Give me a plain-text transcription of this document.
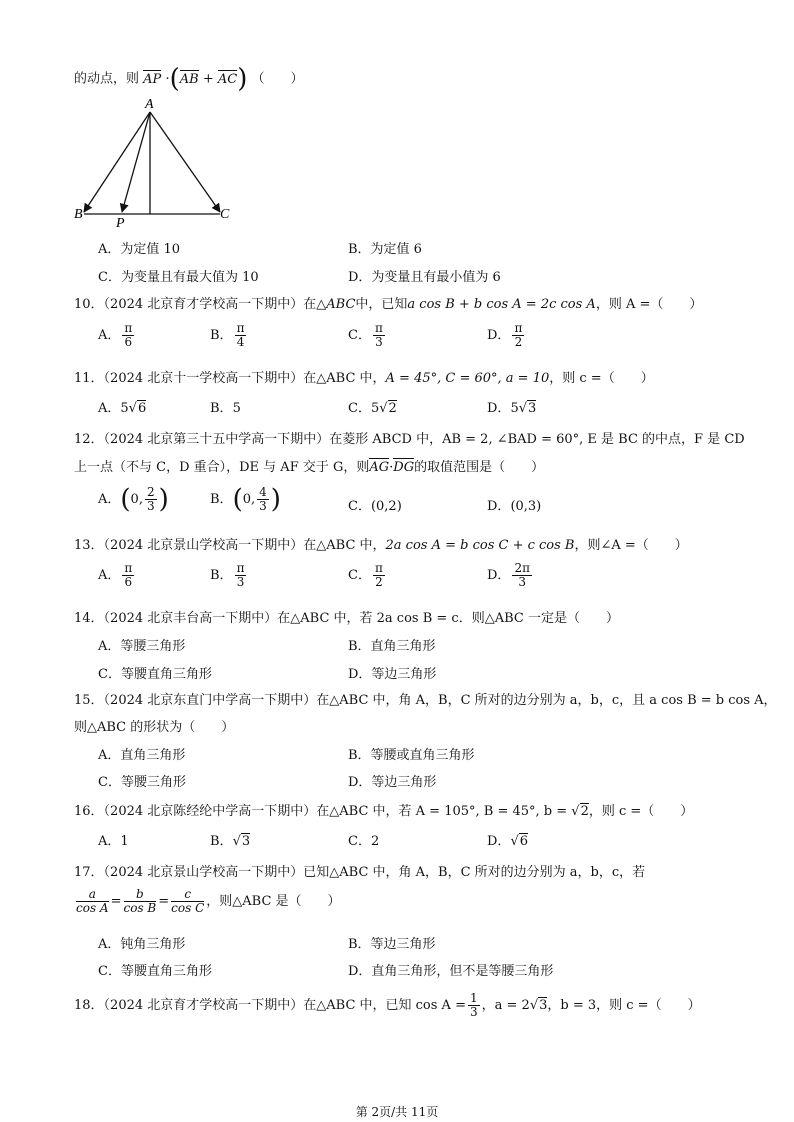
的动点，则 AP ·(AB + AC) （　　）
A
B	C
P
A．为定值 10	B．为定值 6
C．为变量且有最大值为 10	D．为变量且有最小值为 6
10．（2024 北京育才学校高一下期中）在△ABC中，已知a cos B + b cos A = 2c cos A，则 A =（　　）
A． $\frac{\pi}{6}$	B． $\frac{\pi}{4}$	C． $\frac{\pi}{3}$	D． $\frac{\pi}{2}$
11．（2024 北京十一学校高一下期中）在△ABC 中，A = 45°, C = 60°, a = 10，则 c =（　　）
A．5√6	B．5	C．5√2	D．5√3
12．（2024 北京第三十五中学高一下期中）在菱形 ABCD 中，AB = 2, ∠BAD = 60°, E 是 BC 的中点，F 是 CD
上一点（不与 C，D 重合），DE 与 AF 交于 G，则AG·DG的取值范围是（　　）
A．(0, $\frac{2}{3}$ )	B．(0, $\frac{4}{3}$ )	C．(0,2)	D．(0,3)
13．（2024 北京景山学校高一下期中）在△ABC 中，2a cos A = b cos C + c cos B，则∠A =（　　）
A． $\frac{\pi}{6}$	B． $\frac{\pi}{3}$	C． $\frac{\pi}{2}$	D． $\frac{2\pi}{3}$
14．（2024 北京丰台高一下期中）在△ABC 中，若 2a cos B = c．则△ABC 一定是（　　）
A．等腰三角形	B．直角三角形
C．等腰直角三角形	D．等边三角形
15．（2024 北京东直门中学高一下期中）在△ABC 中，角 A，B，C 所对的边分别为 a，b，c，且 a cos B = b cos A，
则△ABC 的形状为（　　）
A．直角三角形	B．等腰或直角三角形
C．等腰三角形	D．等边三角形
16．（2024 北京陈经纶中学高一下期中）在△ABC 中，若 A = 105°, B = 45°, b = √2，则 c =（　　）
A．1	B．√3	C．2	D．√6
17．（2024 北京景山学校高一下期中）已知△ABC 中，角 A，B，C 所对的边分别为 a，b，c，若
$\frac{a}{\text{cos A}} = \frac{b}{\text{cos B}} = \frac{c}{\text{cos C}}$ ，则△ABC 是（　　）
A．钝角三角形	B．等边三角形
C．等腰直角三角形	D．直角三角形，但不是等腰三角形
18．（2024 北京育才学校高一下期中）在△ABC 中，已知 $\cos A = \frac{1}{3}$ ，a = 2√3，b = 3，则 c =（　　）
第 2页/共 11页
